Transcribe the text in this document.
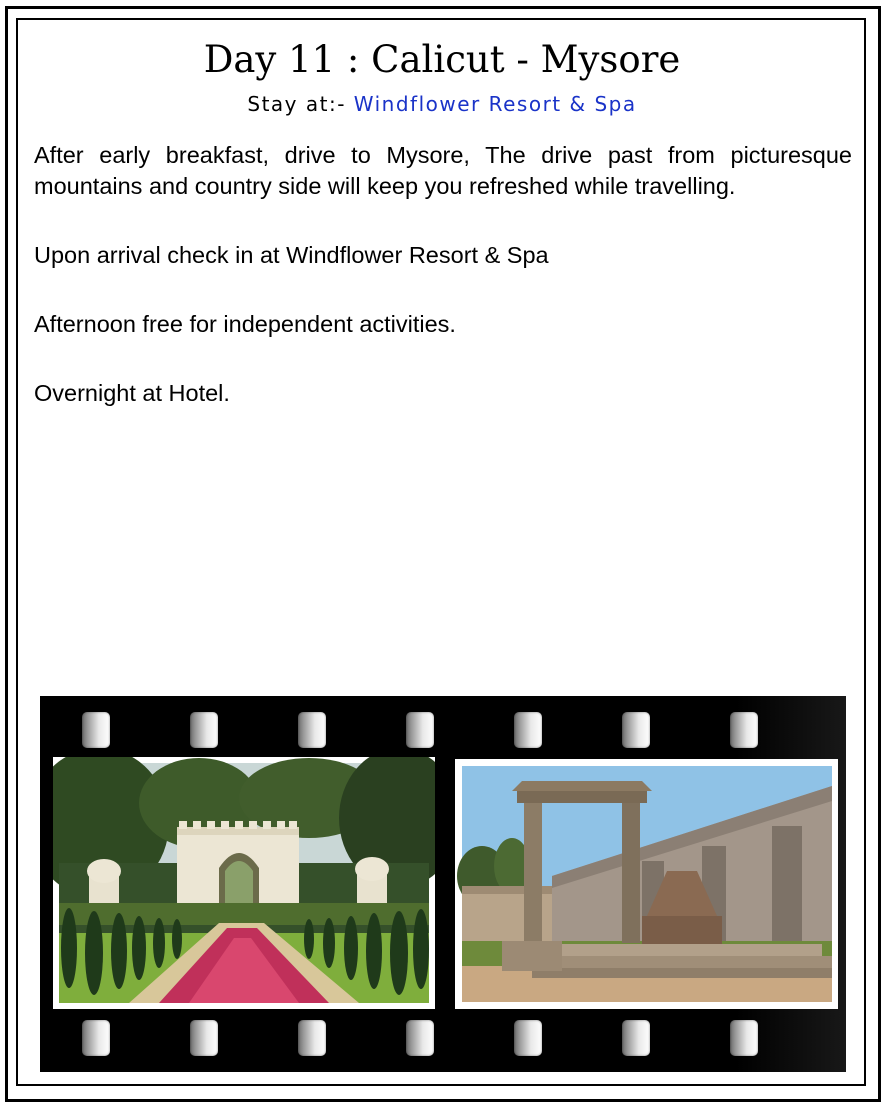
Day 11 : Calicut - Mysore
Stay at:- Windflower Resort & Spa

After early breakfast, drive to Mysore, The drive past from picturesque mountains and country side will keep you refreshed while travelling.

Upon arrival check in at Windflower Resort & Spa

Afternoon free for independent activities.

Overnight at Hotel.
